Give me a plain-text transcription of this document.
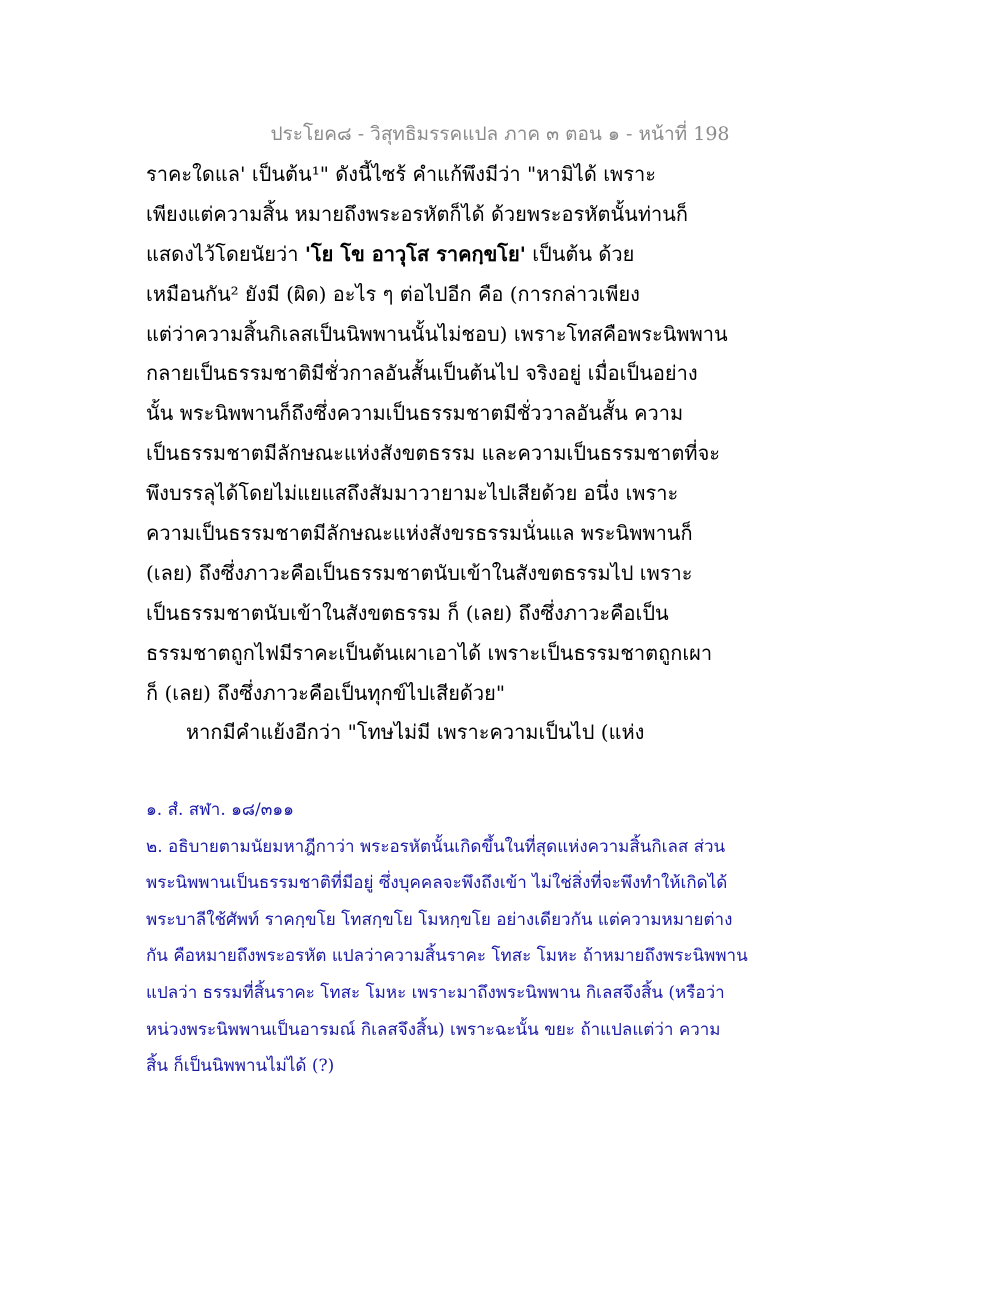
ประโยค๘ - วิสุทธิมรรคแปล ภาค ๓ ตอน ๑ - หน้าที่ 198
ราคะใดแล' เป็นต้น¹" ดังนี้ไซร้ คำแก้พึงมีว่า "หามิได้ เพราะ
เพียงแต่ความสิ้น หมายถึงพระอรหัตก็ได้ ด้วยพระอรหัตนั้นท่านก็
แสดงไว้โดยนัยว่า 'โย โข อาวุโส ราคกฺขโย' เป็นต้น ด้วย
เหมือนกัน² ยังมี (ผิด) อะไร ๆ ต่อไปอีก คือ (การกล่าวเพียง
แต่ว่าความสิ้นกิเลสเป็นนิพพานนั้นไม่ชอบ) เพราะโทสคือพระนิพพาน
กลายเป็นธรรมชาติมีชั่วกาลอันสั้นเป็นต้นไป จริงอยู่ เมื่อเป็นอย่าง
นั้น พระนิพพานก็ถึงซึ่งความเป็นธรรมชาตมีชั่ววาลอันสั้น ความ
เป็นธรรมชาตมีลักษณะแห่งสังขตธรรม และความเป็นธรรมชาตที่จะ
พึงบรรลุได้โดยไม่แยแสถึงสัมมาวายามะไปเสียด้วย อนึ่ง เพราะ
ความเป็นธรรมชาตมีลักษณะแห่งสังขรธรรมนั่นแล พระนิพพานก็
(เลย) ถึงซึ่งภาวะคือเป็นธรรมชาตนับเข้าในสังขตธรรมไป เพราะ
เป็นธรรมชาตนับเข้าในสังขตธรรม ก็ (เลย) ถึงซึ่งภาวะคือเป็น
ธรรมชาตถูกไฟมีราคะเป็นต้นเผาเอาได้ เพราะเป็นธรรมชาตถูกเผา
ก็ (เลย) ถึงซึ่งภาวะคือเป็นทุกข์ไปเสียด้วย"
หากมีคำแย้งอีกว่า "โทษไม่มี เพราะความเป็นไป (แห่ง
๑. สํ. สฬา. ๑๘/๓๑๑
๒. อธิบายตามนัยมหาฎีกาว่า พระอรหัตนั้นเกิดขึ้นในที่สุดแห่งความสิ้นกิเลส ส่วน
พระนิพพานเป็นธรรมชาติที่มีอยู่ ซึ่งบุคคลจะพึงถึงเข้า ไม่ใช่สิ่งที่จะพึงทำให้เกิดได้
พระบาลีใช้ศัพท์ ราคกฺขโย โทสกฺขโย โมหกฺขโย อย่างเดียวกัน แต่ความหมายต่าง
กัน คือหมายถึงพระอรหัต แปลว่าความสิ้นราคะ โทสะ โมหะ ถ้าหมายถึงพระนิพพาน
แปลว่า ธรรมที่สิ้นราคะ โทสะ โมหะ เพราะมาถึงพระนิพพาน กิเลสจึงสิ้น (หรือว่า
หน่วงพระนิพพานเป็นอารมณ์ กิเลสจึงสิ้น) เพราะฉะนั้น ขยะ ถ้าแปลแต่ว่า ความ
สิ้น ก็เป็นนิพพานไม่ได้ (?)
